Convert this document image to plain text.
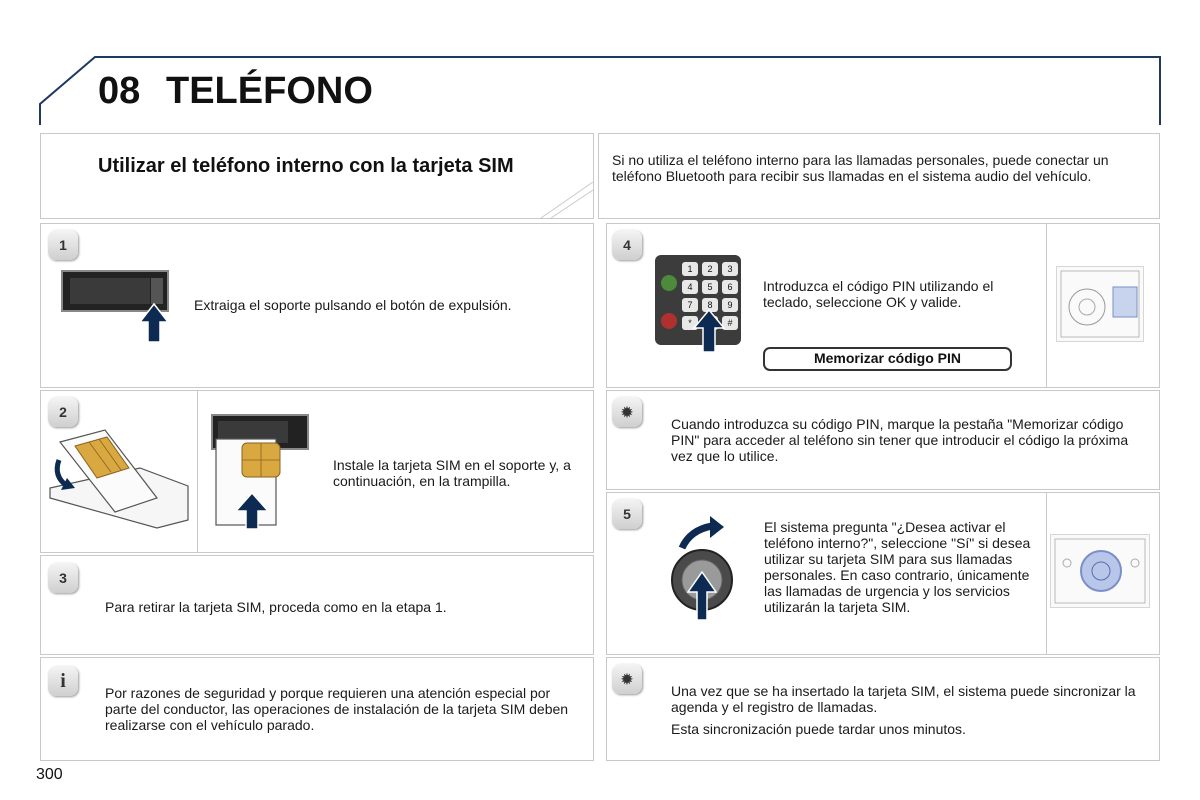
08 TELÉFONO
Utilizar el teléfono interno con la tarjeta SIM	Si no utiliza el teléfono interno para las llamadas personales, puede conectar un teléfono Bluetooth para recibir sus llamadas en el sistema audio del vehículo.
1
Extraiga el soporte pulsando el botón de expulsión.
2
Instale la tarjeta SIM en el soporte y, a continuación, en la trampilla.
3
Para retirar la tarjeta SIM, proceda como en la etapa 1.
i
Por razones de seguridad y porque requieren una atención especial por parte del conductor, las operaciones de instalación de la tarjeta SIM deben realizarse con el vehículo parado.
4
1	2	3
4	5	6
7	8	9
*	#
Introduzca el código PIN utilizando el teclado, seleccione OK y valide.
Memorizar código PIN
✹
Cuando introduzca su código PIN, marque la pestaña "Memorizar código PIN" para acceder al teléfono sin tener que introducir el código la próxima vez que lo utilice.
5
El sistema pregunta "¿Desea activar el teléfono interno?", seleccione "Sí" si desea utilizar su tarjeta SIM para sus llamadas personales. En caso contrario, únicamente las llamadas de urgencia y los servicios utilizarán la tarjeta SIM.
✹
Una vez que se ha insertado la tarjeta SIM, el sistema puede sincronizar la agenda y el registro de llamadas.
Esta sincronización puede tardar unos minutos.
300
